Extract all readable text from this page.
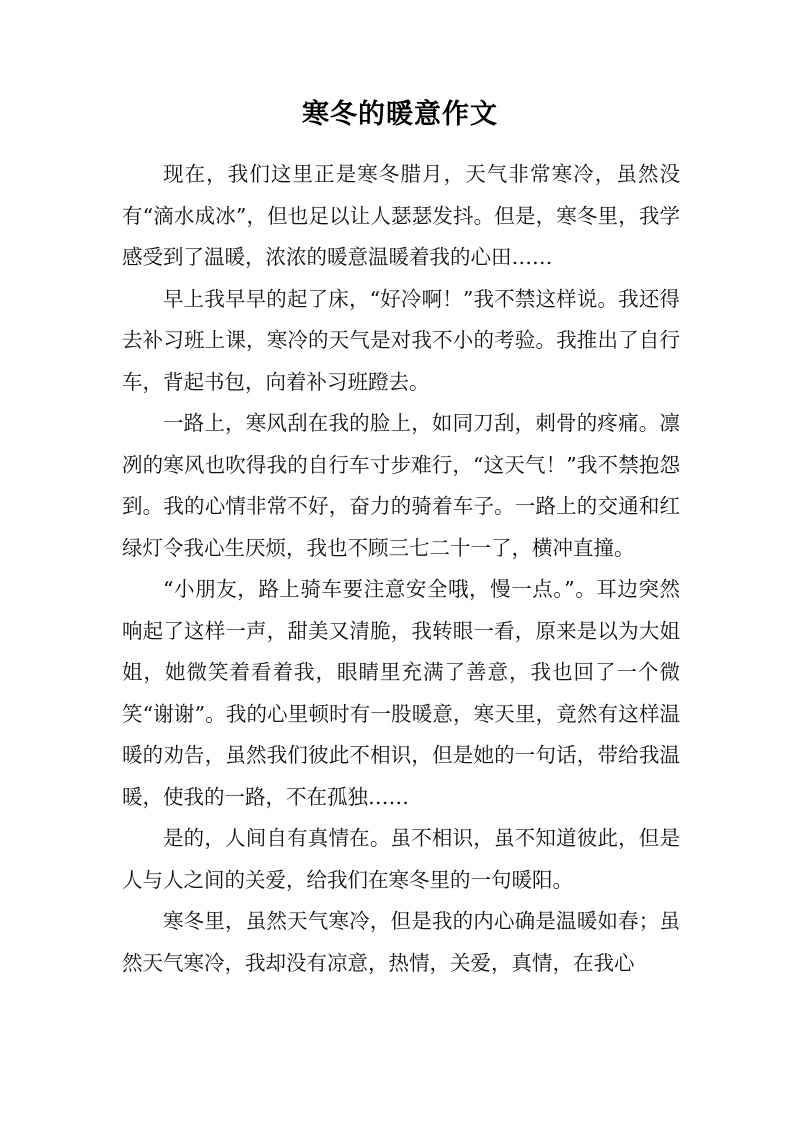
寒冬的暖意作文

现在，我们这里正是寒冬腊月，天气非常寒冷，虽然没有“滴水成冰”，但也足以让人瑟瑟发抖。但是，寒冬里，我学感受到了温暖，浓浓的暖意温暖着我的心田……

早上我早早的起了床，“好冷啊！”我不禁这样说。我还得去补习班上课，寒冷的天气是对我不小的考验。我推出了自行车，背起书包，向着补习班蹬去。

一路上，寒风刮在我的脸上，如同刀刮，刺骨的疼痛。凛冽的寒风也吹得我的自行车寸步难行，“这天气！”我不禁抱怨到。我的心情非常不好，奋力的骑着车子。一路上的交通和红绿灯令我心生厌烦，我也不顾三七二十一了，横冲直撞。

“小朋友，路上骑车要注意安全哦，慢一点。”。耳边突然响起了这样一声，甜美又清脆，我转眼一看，原来是以为大姐姐，她微笑着看着我，眼睛里充满了善意，我也回了一个微笑“谢谢”。我的心里顿时有一股暖意，寒天里，竟然有这样温暖的劝告，虽然我们彼此不相识，但是她的一句话，带给我温暖，使我的一路，不在孤独……

是的，人间自有真情在。虽不相识，虽不知道彼此，但是人与人之间的关爱，给我们在寒冬里的一句暖阳。

寒冬里，虽然天气寒冷，但是我的内心确是温暖如春；虽然天气寒冷，我却没有凉意，热情，关爱，真情，在我心
